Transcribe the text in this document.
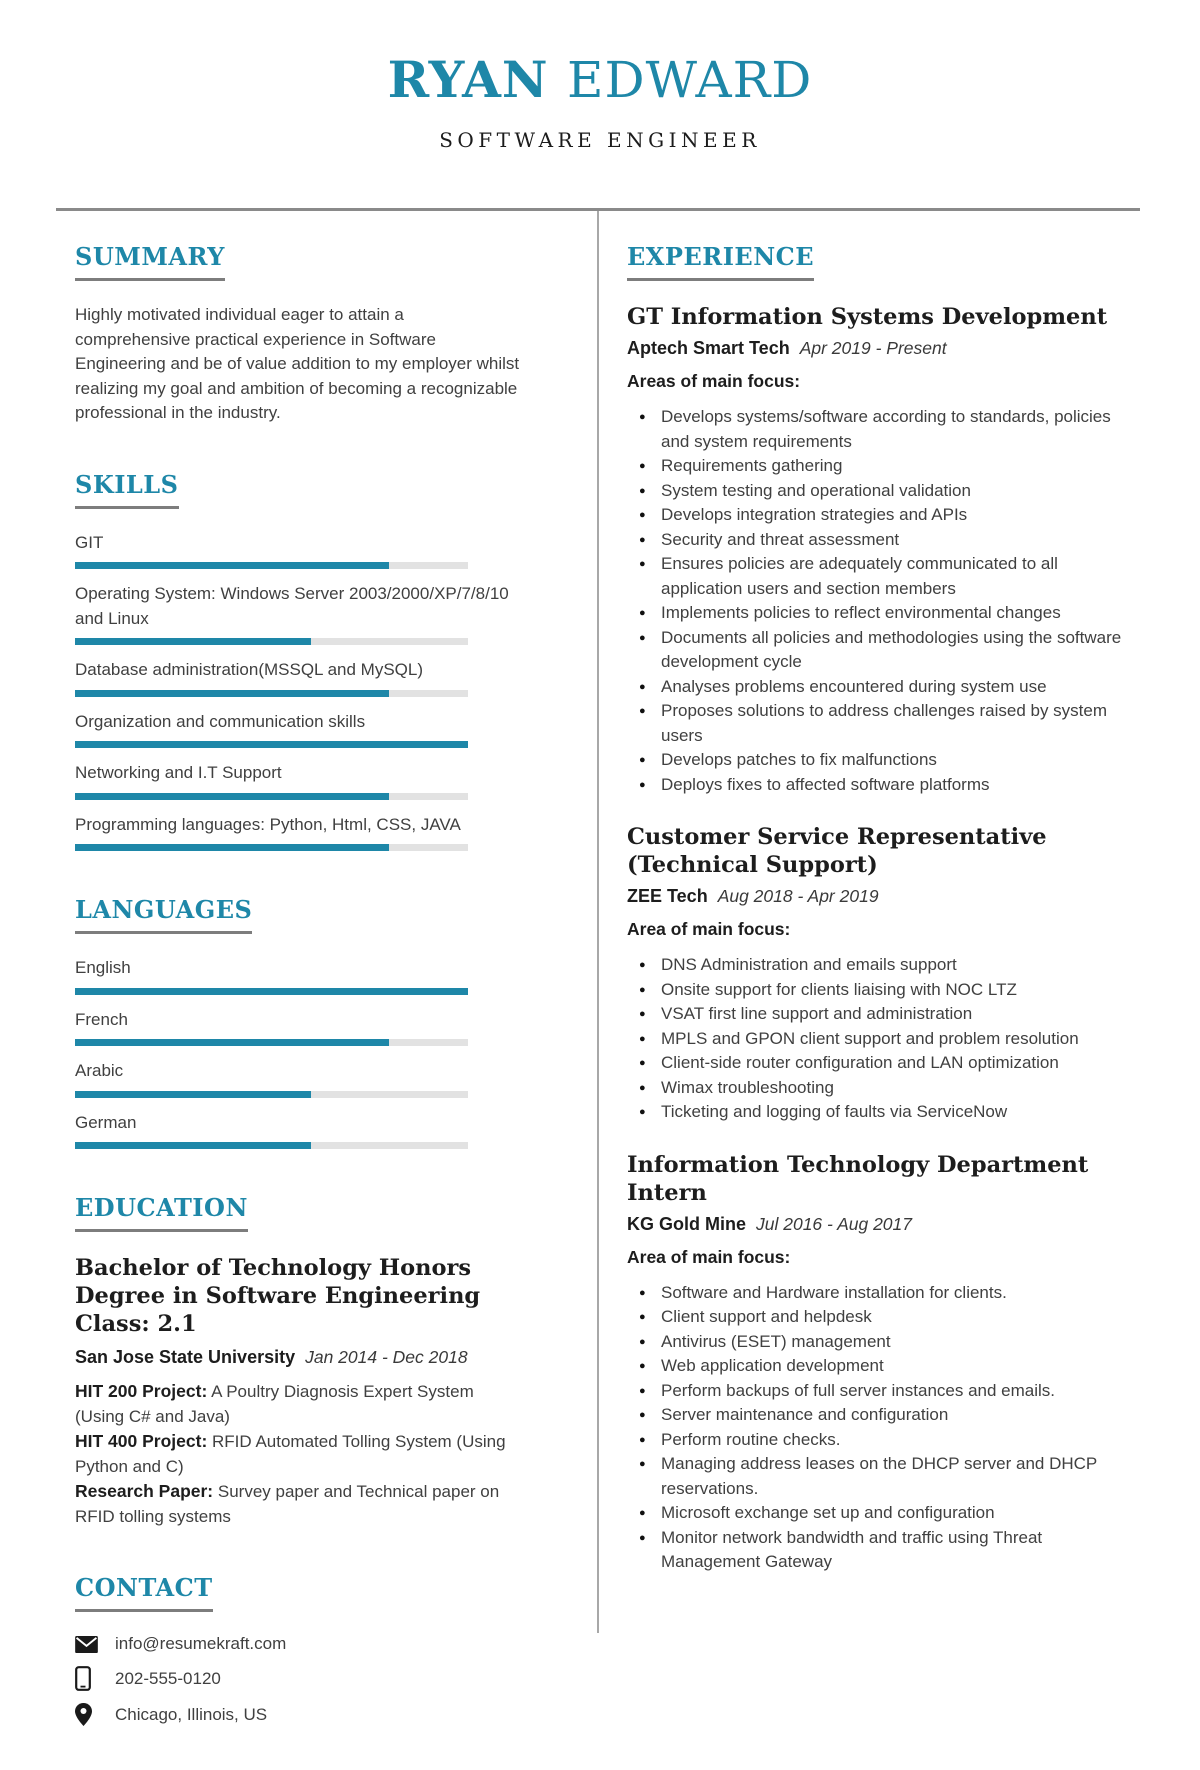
RYAN EDWARD
SOFTWARE ENGINEER
SUMMARY

Highly motivated individual eager to attain a comprehensive practical experience in Software Engineering and be of value addition to my employer whilst realizing my goal and ambition of becoming a recognizable professional in the industry.

SKILLS
GIT
Operating System: Windows Server 2003/2000/XP/7/8/10 and Linux
Database administration(MSSQL and MySQL)
Organization and communication skills
Networking and I.T Support
Programming languages: Python, Html, CSS, JAVA
LANGUAGES
English
French
Arabic
German
EDUCATION
Bachelor of Technology Honors Degree in Software Engineering Class: 2.1

San Jose State University Jan 2014 - Dec 2018

HIT 200 Project: A Poultry Diagnosis Expert System (Using C# and Java)

HIT 400 Project: RFID Automated Tolling System (Using Python and C)

Research Paper: Survey paper and Technical paper on RFID tolling systems

CONTACT
info@resumekraft.com
202-555-0120
Chicago, Illinois, US
EXPERIENCE
GT Information Systems Development
Aptech Smart Tech Apr 2019 - Present
Areas of main focus:
● Develops systems/software according to standards, policies and system requirements
● Requirements gathering
● System testing and operational validation
● Develops integration strategies and APIs
● Security and threat assessment
● Ensures policies are adequately communicated to all application users and section members
● Implements policies to reflect environmental changes
● Documents all policies and methodologies using the software development cycle
● Analyses problems encountered during system use
● Proposes solutions to address challenges raised by system users
● Develops patches to fix malfunctions
● Deploys fixes to affected software platforms
Customer Service Representative (Technical Support)
ZEE Tech Aug 2018 - Apr 2019
Area of main focus:
● DNS Administration and emails support
● Onsite support for clients liaising with NOC LTZ
● VSAT first line support and administration
● MPLS and GPON client support and problem resolution
● Client-side router configuration and LAN optimization
● Wimax troubleshooting
● Ticketing and logging of faults via ServiceNow
Information Technology Department Intern
KG Gold Mine Jul 2016 - Aug 2017
Area of main focus:
● Software and Hardware installation for clients.
● Client support and helpdesk
● Antivirus (ESET) management
● Web application development
● Perform backups of full server instances and emails.
● Server maintenance and configuration
● Perform routine checks.
● Managing address leases on the DHCP server and DHCP reservations.
● Microsoft exchange set up and configuration
● Monitor network bandwidth and traffic using Threat Management Gateway
